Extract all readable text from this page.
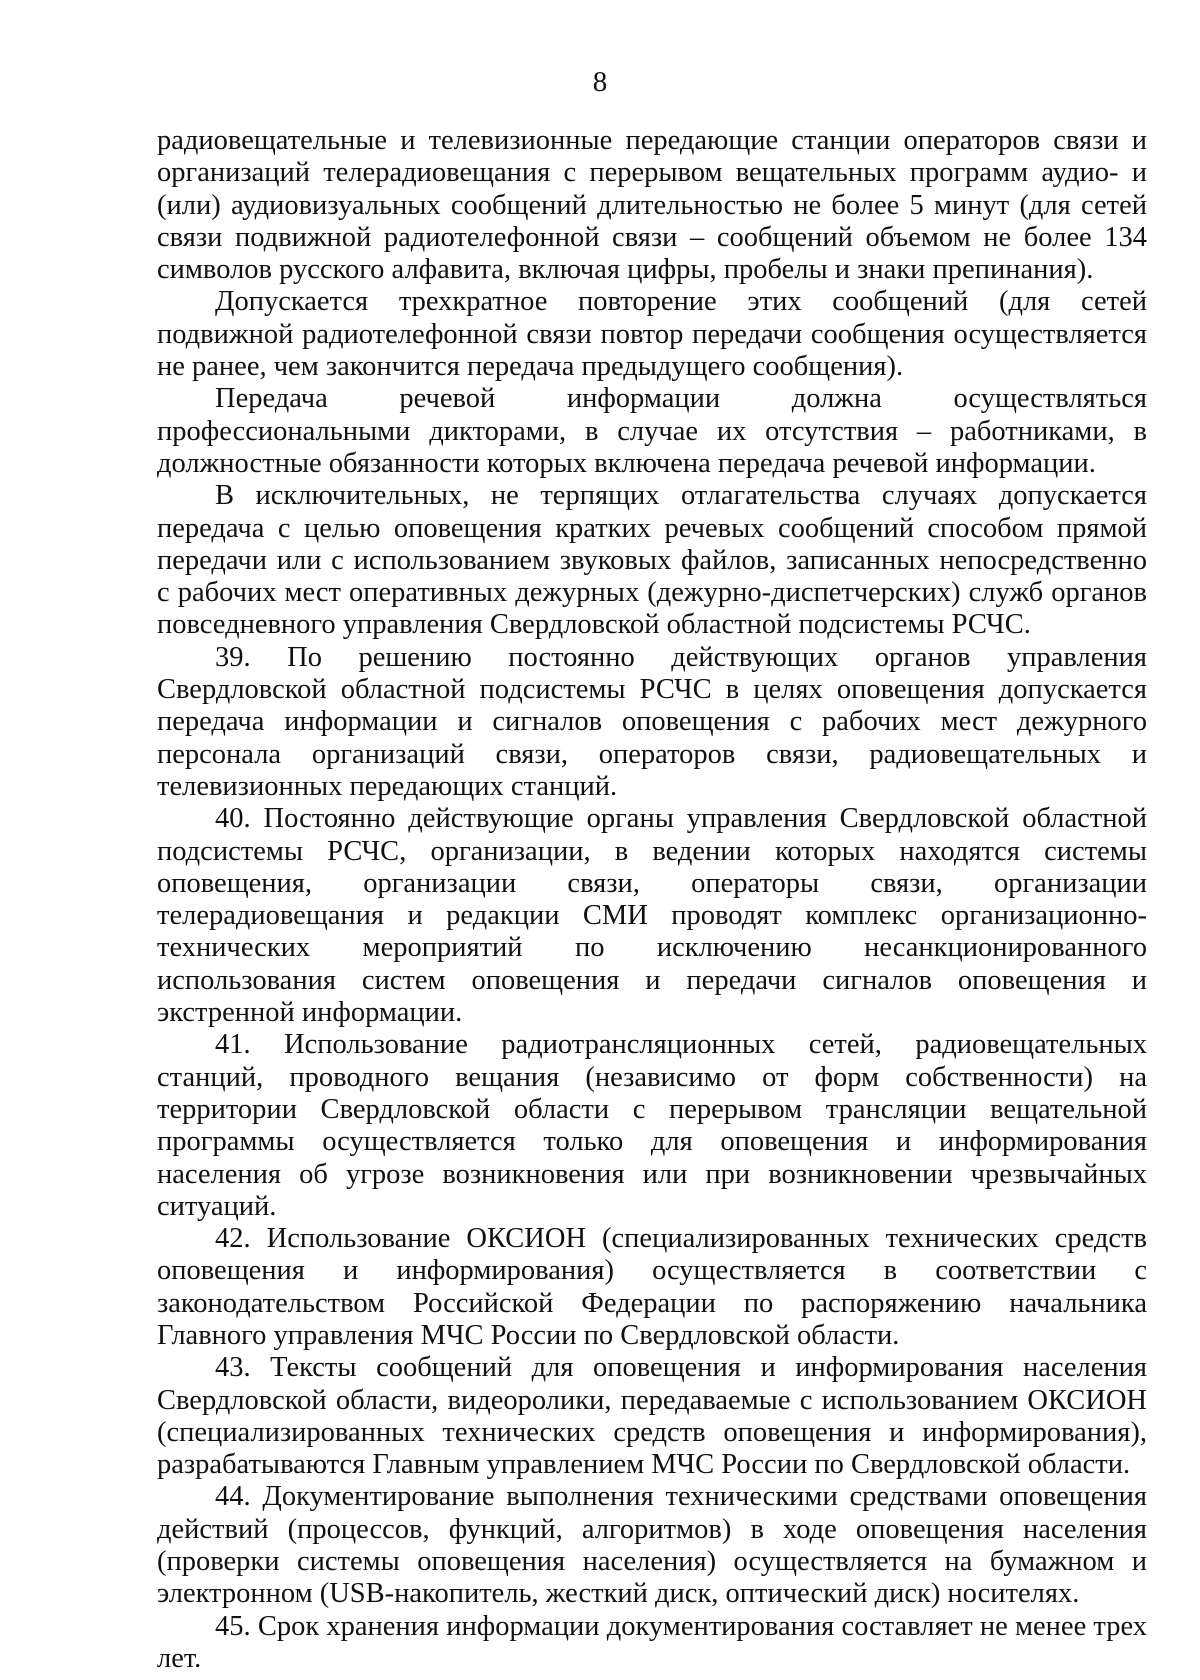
8

радиовещательные и телевизионные передающие станции операторов связи и организаций телерадиовещания с перерывом вещательных программ аудио- и (или) аудиовизуальных сообщений длительностью не более 5 минут (для сетей связи подвижной радиотелефонной связи – сообщений объемом не более 134 символов русского алфавита, включая цифры, пробелы и знаки препинания).

Допускается трехкратное повторение этих сообщений (для сетей подвижной радиотелефонной связи повтор передачи сообщения осуществляется не ранее, чем закончится передача предыдущего сообщения).

Передача речевой информации должна осуществляться профессиональными дикторами, в случае их отсутствия – работниками, в должностные обязанности которых включена передача речевой информации.

В исключительных, не терпящих отлагательства случаях допускается передача с целью оповещения кратких речевых сообщений способом прямой передачи или с использованием звуковых файлов, записанных непосредственно с рабочих мест оперативных дежурных (дежурно-диспетчерских) служб органов повседневного управления Свердловской областной подсистемы РСЧС.

39. По решению постоянно действующих органов управления Свердловской областной подсистемы РСЧС в целях оповещения допускается передача информации и сигналов оповещения с рабочих мест дежурного персонала организаций связи, операторов связи, радиовещательных и телевизионных передающих станций.

40. Постоянно действующие органы управления Свердловской областной подсистемы РСЧС, организации, в ведении которых находятся системы оповещения, организации связи, операторы связи, организации телерадиовещания и редакции СМИ проводят комплекс организационно-технических мероприятий по исключению несанкционированного использования систем оповещения и передачи сигналов оповещения и экстренной информации.

41. Использование радиотрансляционных сетей, радиовещательных станций, проводного вещания (независимо от форм собственности) на территории Свердловской области с перерывом трансляции вещательной программы осуществляется только для оповещения и информирования населения об угрозе возникновения или при возникновении чрезвычайных ситуаций.

42. Использование ОКСИОН (специализированных технических средств оповещения и информирования) осуществляется в соответствии с законодательством Российской Федерации по распоряжению начальника Главного управления МЧС России по Свердловской области.

43. Тексты сообщений для оповещения и информирования населения Свердловской области, видеоролики, передаваемые с использованием ОКСИОН (специализированных технических средств оповещения и информирования), разрабатываются Главным управлением МЧС России по Свердловской области.

44. Документирование выполнения техническими средствами оповещения действий (процессов, функций, алгоритмов) в ходе оповещения населения (проверки системы оповещения населения) осуществляется на бумажном и электронном (USB-накопитель, жесткий диск, оптический диск) носителях.

45. Срок хранения информации документирования составляет не менее трех лет.
